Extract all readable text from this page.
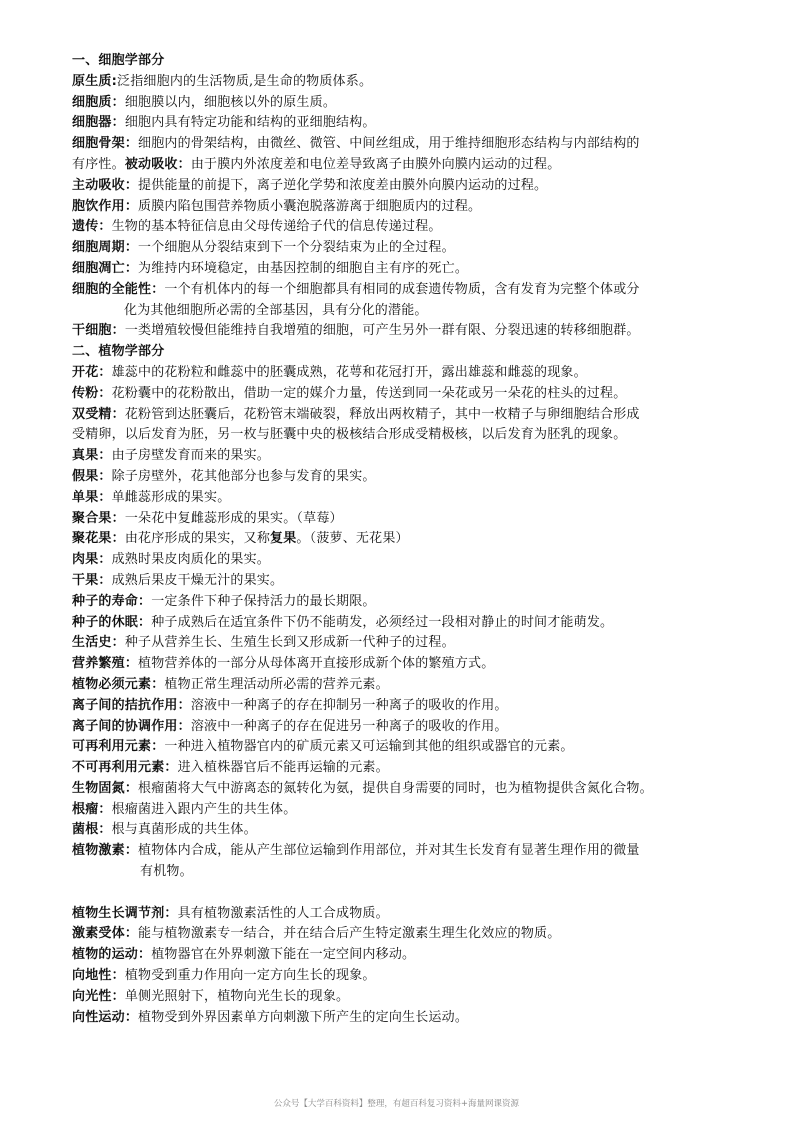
一、细胞学部分
原生质:泛指细胞内的生活物质,是生命的物质体系。
细胞质：细胞膜以内，细胞核以外的原生质。
细胞器：细胞内具有特定功能和结构的亚细胞结构。
细胞骨架：细胞内的骨架结构，由微丝、微管、中间丝组成，用于维持细胞形态结构与内部结构的
有序性。被动吸收：由于膜内外浓度差和电位差导致离子由膜外向膜内运动的过程。
主动吸收：提供能量的前提下，离子逆化学势和浓度差由膜外向膜内运动的过程。
胞饮作用：质膜内陷包围营养物质小囊泡脱落游离于细胞质内的过程。
遗传：生物的基本特征信息由父母传递给子代的信息传递过程。
细胞周期：一个细胞从分裂结束到下一个分裂结束为止的全过程。
细胞凋亡：为维持内环境稳定，由基因控制的细胞自主有序的死亡。
细胞的全能性：一个有机体内的每一个细胞都具有相同的成套遗传物质，含有发育为完整个体或分
化为其他细胞所必需的全部基因，具有分化的潜能。
干细胞：一类增殖较慢但能维持自我增殖的细胞，可产生另外一群有限、分裂迅速的转移细胞群。
二、植物学部分
开花：雄蕊中的花粉粒和雌蕊中的胚囊成熟，花萼和花冠打开，露出雄蕊和雌蕊的现象。
传粉：花粉囊中的花粉散出，借助一定的媒介力量，传送到同一朵花或另一朵花的柱头的过程。
双受精：花粉管到达胚囊后，花粉管末端破裂，释放出两枚精子，其中一枚精子与卵细胞结合形成
受精卵，以后发育为胚，另一枚与胚囊中央的极核结合形成受精极核，以后发育为胚乳的现象。
真果：由子房壁发育而来的果实。
假果：除子房壁外，花其他部分也参与发育的果实。
单果：单雌蕊形成的果实。
聚合果：一朵花中复雌蕊形成的果实。（草莓）
聚花果：由花序形成的果实，又称复果。（菠萝、无花果）
肉果：成熟时果皮肉质化的果实。
干果：成熟后果皮干燥无汁的果实。
种子的寿命：一定条件下种子保持活力的最长期限。
种子的休眠：种子成熟后在适宜条件下仍不能萌发，必须经过一段相对静止的时间才能萌发。
生活史：种子从营养生长、生殖生长到又形成新一代种子的过程。
营养繁殖：植物营养体的一部分从母体离开直接形成新个体的繁殖方式。
植物必须元素：植物正常生理活动所必需的营养元素。
离子间的拮抗作用：溶液中一种离子的存在抑制另一种离子的吸收的作用。
离子间的协调作用：溶液中一种离子的存在促进另一种离子的吸收的作用。
可再利用元素：一种进入植物器官内的矿质元素又可运输到其他的组织或器官的元素。
不可再利用元素：进入植株器官后不能再运输的元素。
生物固氮：根瘤菌将大气中游离态的氮转化为氨，提供自身需要的同时，也为植物提供含氮化合物。
根瘤：根瘤菌进入跟内产生的共生体。
菌根：根与真菌形成的共生体。
植物激素：植物体内合成，能从产生部位运输到作用部位，并对其生长发育有显著生理作用的微量
有机物。
植物生长调节剂：具有植物激素活性的人工合成物质。
激素受体：能与植物激素专一结合，并在结合后产生特定激素生理生化效应的物质。
植物的运动：植物器官在外界刺激下能在一定空间内移动。
向地性：植物受到重力作用向一定方向生长的现象。
向光性：单侧光照射下，植物向光生长的现象。
向性运动：植物受到外界因素单方向刺激下所产生的定向生长运动。
公众号【大学百科资料】整理，有超百科复习资料+海量网课资源
